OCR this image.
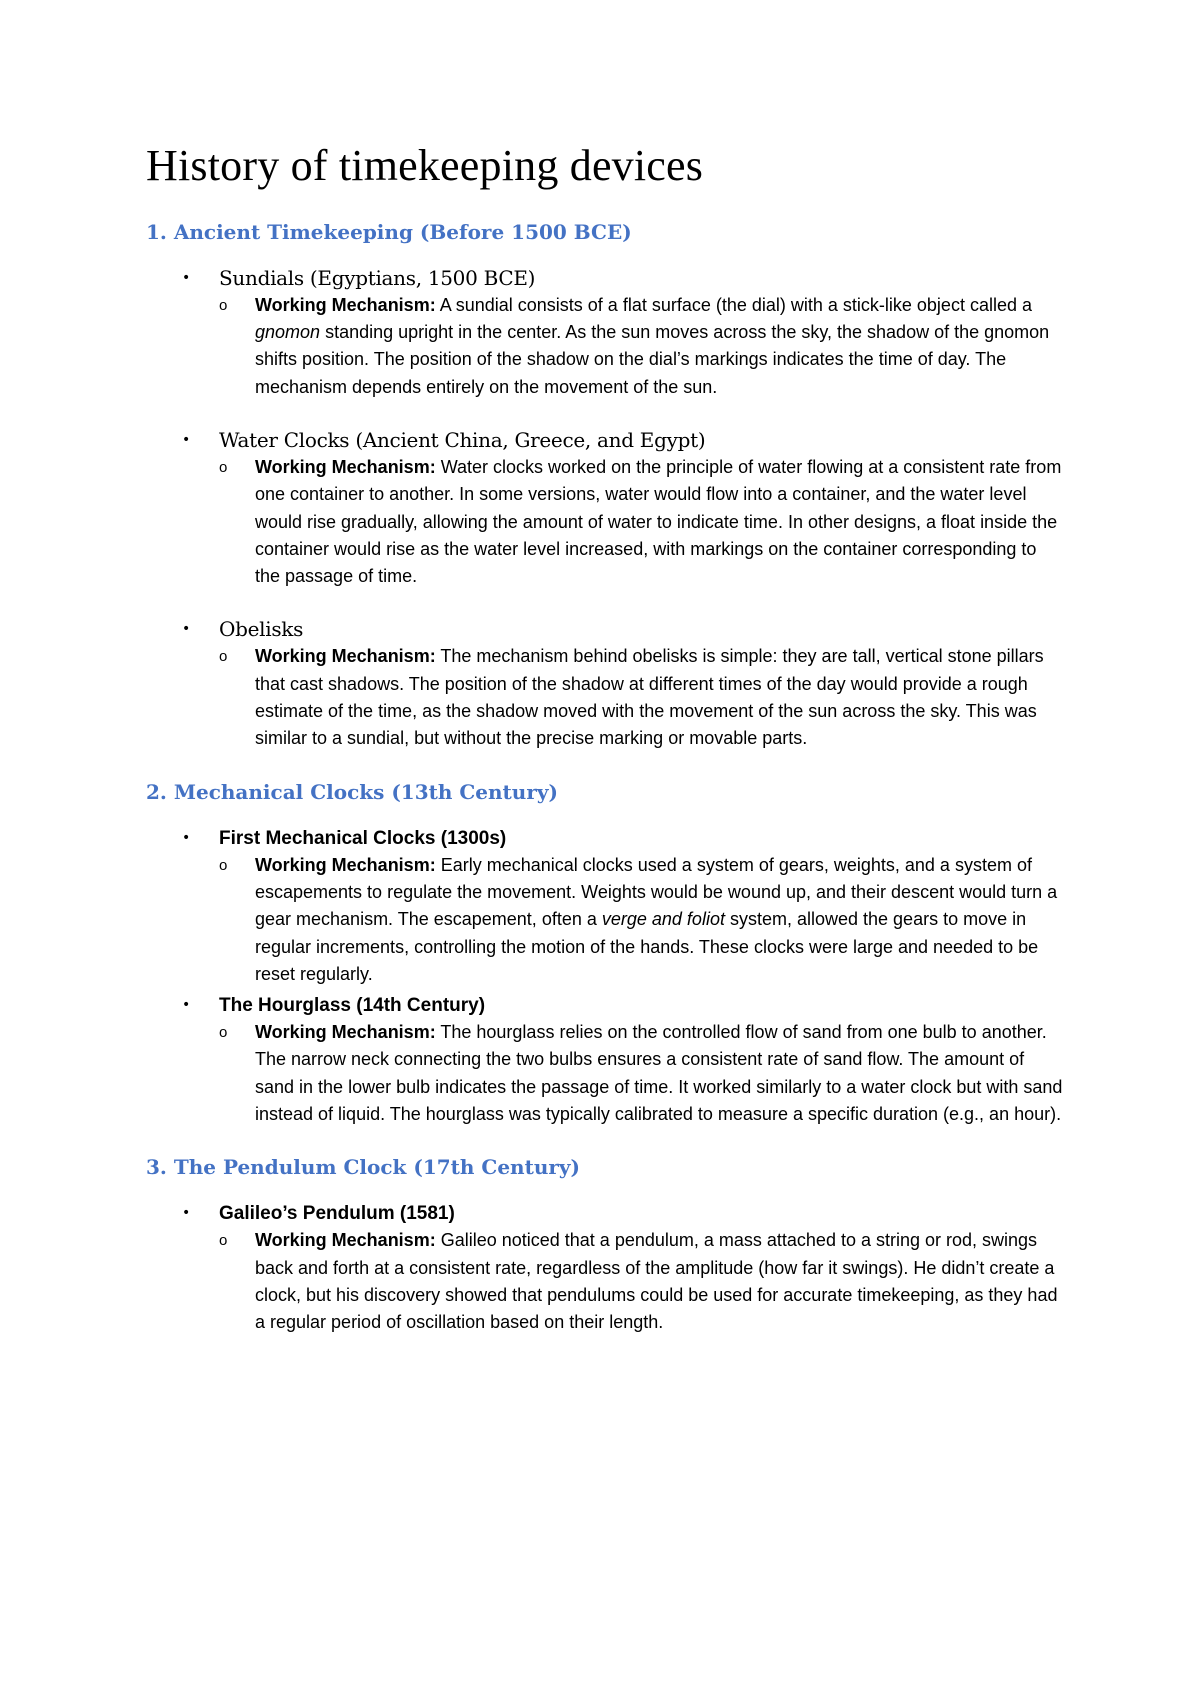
History of timekeeping devices
1. Ancient Timekeeping (Before 1500 BCE)
• Sundials (Egyptians, 1500 BCE)

o Working Mechanism: A sundial consists of a flat surface (the dial) with a stick-like object called a gnomon standing upright in the center. As the sun moves across the sky, the shadow of the gnomon shifts position. The position of the shadow on the dial’s markings indicates the time of day. The mechanism depends entirely on the movement of the sun.

• Water Clocks (Ancient China, Greece, and Egypt)

o Working Mechanism: Water clocks worked on the principle of water flowing at a consistent rate from one container to another. In some versions, water would flow into a container, and the water level would rise gradually, allowing the amount of water to indicate time. In other designs, a float inside the container would rise as the water level increased, with markings on the container corresponding to the passage of time.

• Obelisks

o Working Mechanism: The mechanism behind obelisks is simple: they are tall, vertical stone pillars that cast shadows. The position of the shadow at different times of the day would provide a rough estimate of the time, as the shadow moved with the movement of the sun across the sky. This was similar to a sundial, but without the precise marking or movable parts.

2. Mechanical Clocks (13th Century)
• First Mechanical Clocks (1300s)

o Working Mechanism: Early mechanical clocks used a system of gears, weights, and a system of escapements to regulate the movement. Weights would be wound up, and their descent would turn a gear mechanism. The escapement, often a verge and foliot system, allowed the gears to move in regular increments, controlling the motion of the hands. These clocks were large and needed to be reset regularly.

• The Hourglass (14th Century)

o Working Mechanism: The hourglass relies on the controlled flow of sand from one bulb to another. The narrow neck connecting the two bulbs ensures a consistent rate of sand flow. The amount of sand in the lower bulb indicates the passage of time. It worked similarly to a water clock but with sand instead of liquid. The hourglass was typically calibrated to measure a specific duration (e.g., an hour).

3. The Pendulum Clock (17th Century)
• Galileo’s Pendulum (1581)

o Working Mechanism: Galileo noticed that a pendulum, a mass attached to a string or rod, swings back and forth at a consistent rate, regardless of the amplitude (how far it swings). He didn’t create a clock, but his discovery showed that pendulums could be used for accurate timekeeping, as they had a regular period of oscillation based on their length.
